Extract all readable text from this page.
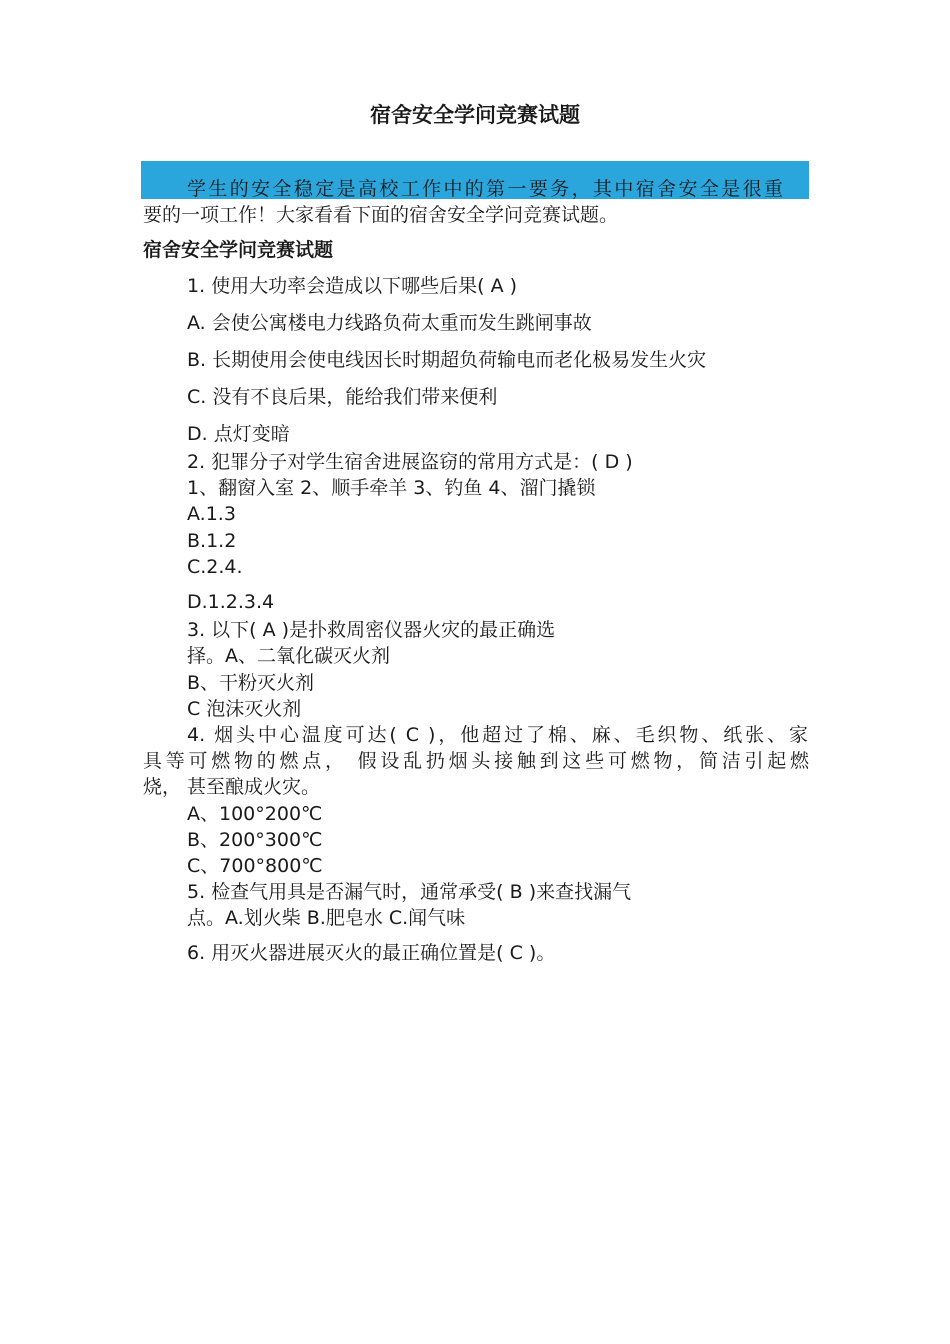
宿舍安全学问竞赛试题
学生的安全稳定是高校工作中的第一要务，其中宿舍安全是很重
要的一项工作！大家看看下面的宿舍安全学问竞赛试题。
宿舍安全学问竞赛试题
1. 使用大功率会造成以下哪些后果( A )
A. 会使公寓楼电力线路负荷太重而发生跳闸事故
B. 长期使用会使电线因长时期超负荷输电而老化极易发生火灾
C. 没有不良后果，能给我们带来便利
D. 点灯变暗
2. 犯罪分子对学生宿舍进展盗窃的常用方式是：( D )
1、翻窗入室 2、顺手牵羊 3、钓鱼 4、溜门撬锁
A.1.3
B.1.2
C.2.4.
D.1.2.3.4
3. 以下( A )是扑救周密仪器火灾的最正确选
择。A、二氧化碳灭火剂
B、干粉灭火剂
C 泡沫灭火剂
4. 烟头中心温度可达( C )，他超过了棉、麻、毛织物、纸张、家
具等可燃物的燃点， 假设乱扔烟头接触到这些可燃物，简洁引起燃
烧， 甚至酿成火灾。
A、100°200℃
B、200°300℃
C、700°800℃
5. 检查气用具是否漏气时，通常承受( B )来查找漏气
点。A.划火柴 B.肥皂水 C.闻气味
6. 用灭火器进展灭火的最正确位置是( C )。
